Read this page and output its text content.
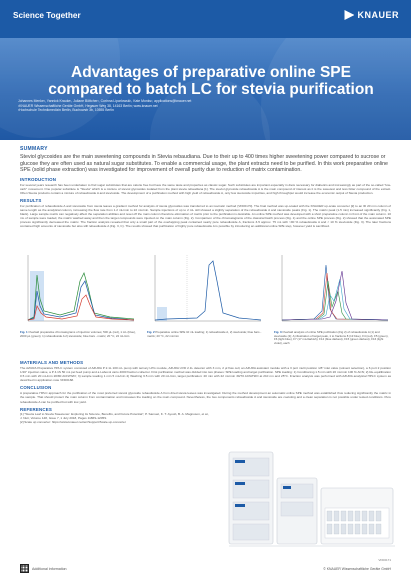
Science Together	KNAUER
Advantages of preparative online SPE
compared to batch LC for stevia purification
Johannes Menke¹, Yannick Krauke¹, Juliane Böttcher¹, Corinna Liparlowski¹, Kate Monks¹; applications@knauer.net
¹KNAUER Wissenschaftliche Geräte GmbH, Hegauer Weg 38, 14163 Berlin; www.knauer.net
²Hochschule Technikmedizin Berlin, Buchowstr 3b, 10555 Berlin
SUMMARY
Steviol glycosides are the main sweetening compounds in Stevia rebaudiana. Due to their up to 400 times higher sweetening power compared to sucrose or glucose they are often used as natural sugar substitutes. To enable a commercial usage, the plant extracts need to be purified. In this work preparative online SPE (solid phase extraction) was investigated for improvement of overall purity due to reduction of matrix contamination.
INTRODUCTION
For several years research has been undertaken to find sugar substitutes that are calorie free but have the same taste and properties as classic sugar. Such substitutes are important especially in diets necessary for diabetics and increasingly as part of the so-called "low-carb" movement. One popular substitute is "Stevia" which is a mixture of steviol glycosides isolated from the plant stevia rebaudiana [1]. The steviol glycoside rebaudioside A is the main compound of interest as it is the sweetest and less bitter compound of the extract. Often Stevia products contain a mixture of rebaudioside A and stevioside. The development of a purification method with high yield of rebaudioside A, only few stevioside impurities, and high throughput would increase the economic output of Stevia production.
RESULTS
For purification of rebaudioside A and stevioside from stevia leaves a gradient method for analysis of stevia glycosides was transferred to an isocratic method (VFD0170). The final method was up-scaled with the KNAUER up-scale converter [2] to an ID 20 mm column of same length as the analytical column, increasing the flow rate from 1.2 mL/min to 22 mL/min. Sample injections of up to 2 mL still showed a slightly separation of the rebaudioside A and stevioside peaks (Fig. 1). The matrix peak (1-5 min) increased significantly (Fig. 1, black). Large sample matrix can negatively affect the separation abilities and reset off the main column therefore elimination of matrix prior to the purification is desirable. An online SPE method was developed with a short preparative column in front of the main column. 10 mL of sample were loaded, the matrix washed away and then the target compounds were injected on the main column (Fig. 2). Comparison of the chromatograms of the classical batch process (Fig. 1) and the online SPE process (Fig. 2) showed that the automated SPE process significantly decreased the matrix. The fraction analysis revealed that only a small part of the overlapping peak contained nearly pure rebaudioside A, fractions 3-5 approx. 75 mL with >90 % rebaudioside A and < 10 % stevioside (Fig. 3). The later fractions contained high amounts of stevioside but also still rebaudioside A (Fig. 3, C). The results showed that purification of highly pure rebaudioside A is possible by introducing an additional online SPE step, however yield is sacrificed.
Fig. 1 Overlaid preparative chromatograms of injection volumes; 500 µL (red), 1 mL (blue), 2000 µL (green); 1) rebaudioside A 2) stevioside; blue bars - matrix; 20 °C, 22 mL/min
Fig. 2 Preparative online SPE 10 mL loading; 1) rebaudioside A, 2) stevioside; blue bars - matrix; 20 °C, 22 mL/min
Fig. 3 Overlaid analysis of online SPE purification (Fig 2) of rebaudioside A (1) and stevioside (2); A) illustration of target peak, 1 to fractions 8 (13 blue), F4 (red), F5 (green), F6 (light blue), F7 (17 mL/darkish), F14 (blue darkest), F15 (green darkest), F16 (light violet), each
MATERIALS AND METHODS
The AZURA Preparative HPLC system consisted of AZURA P 2.1L 100 mL pump with ternary LPG module, AZURA UVD 2.1L detector with 3 mm, 2 µl flow cell, an AZURA assistant module with a 3 port multi position 1/8" inlet valve (solvent selection), a 6 port 2 position 1/16" injection valve, a P 4.1S 50 mL pel feed pump and a Labocol vario 4000 fraction collector. First purification method was divided into two phases: SPE loading and target purification. SPE loading: 1) Conditioning 1.5 min with 20 mL/min 100 % ACN; 2) Re-equilibration 0.5 min with 20 mL/min 20/80 ACN/H2O; 3) sample loading 1 min 5 mL/min 4) Washing 6.5 min with 20 mL/min, target purification: 20 min with 22 mL/min 30/70 ACN/H2O at 210 nm and 25°C. Fraction analysis was performed with AZURA analytical HPLC system as described in application note VFD0168.
CONCLUSION
A preparative HPLC approach for the purification of the most preferred steviol glycoside rebaudioside A from dried stevia leaves was investigated. During the method development an automatic online SPE method was established thus reducing significantly the matrix in the sample. That should protect the main column from contamination and increases the loading on the main compound. Nevertheless, the two components rebaudioside A and stevioside are coeluting and a clean separation is not possible under tested conditions. Pure rebaudioside A can be purified but with low yield.
REFERENCES
[1] "Stevia Leaf to Stevia Sweetener: Exploring its Science, Benefits, and Future Potential", P. Samuel, K. T. Ayoob, B. A. Magnuson, et al., J. Nutr, Volume 148, Issue 7, 1 July 2018, Pages 1186S-1205S
[2] Scale up converter: https://www.knauer.net/en/Support/Scale-up-converter
VFD0171
Additional information	© KNAUER Wissenschaftliche Geräte GmbH
